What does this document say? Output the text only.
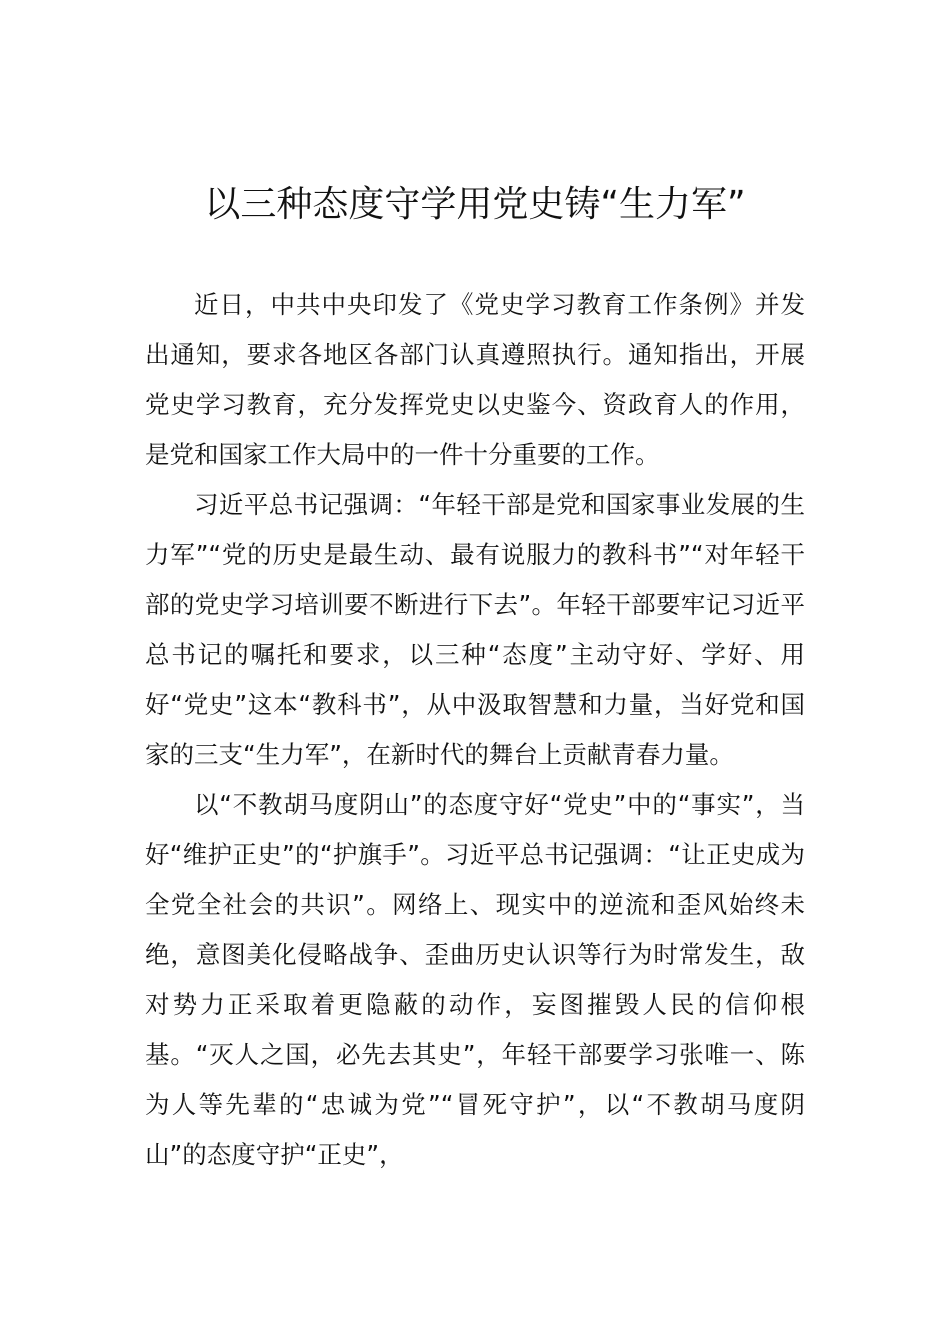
以三种态度守学用党史铸“生力军”

近日，中共中央印发了《党史学习教育工作条例》并发出通知，要求各地区各部门认真遵照执行。通知指出，开展党史学习教育，充分发挥党史以史鉴今、资政育人的作用，是党和国家工作大局中的一件十分重要的工作。

习近平总书记强调：“年轻干部是党和国家事业发展的生力军”“党的历史是最生动、最有说服力的教科书”“对年轻干部的党史学习培训要不断进行下去”。年轻干部要牢记习近平总书记的嘱托和要求，以三种“态度”主动守好、学好、用好“党史”这本“教科书”，从中汲取智慧和力量，当好党和国家的三支“生力军”，在新时代的舞台上贡献青春力量。

以“不教胡马度阴山”的态度守好“党史”中的“事实”，当好“维护正史”的“护旗手”。习近平总书记强调：“让正史成为全党全社会的共识”。网络上、现实中的逆流和歪风始终未绝，意图美化侵略战争、歪曲历史认识等行为时常发生，敌对势力正采取着更隐蔽的动作，妄图摧毁人民的信仰根基。“灭人之国，必先去其史”，年轻干部要学习张唯一、陈为人等先辈的“忠诚为党”“冒死守护”，以“不教胡马度阴山”的态度守护“正史”，
